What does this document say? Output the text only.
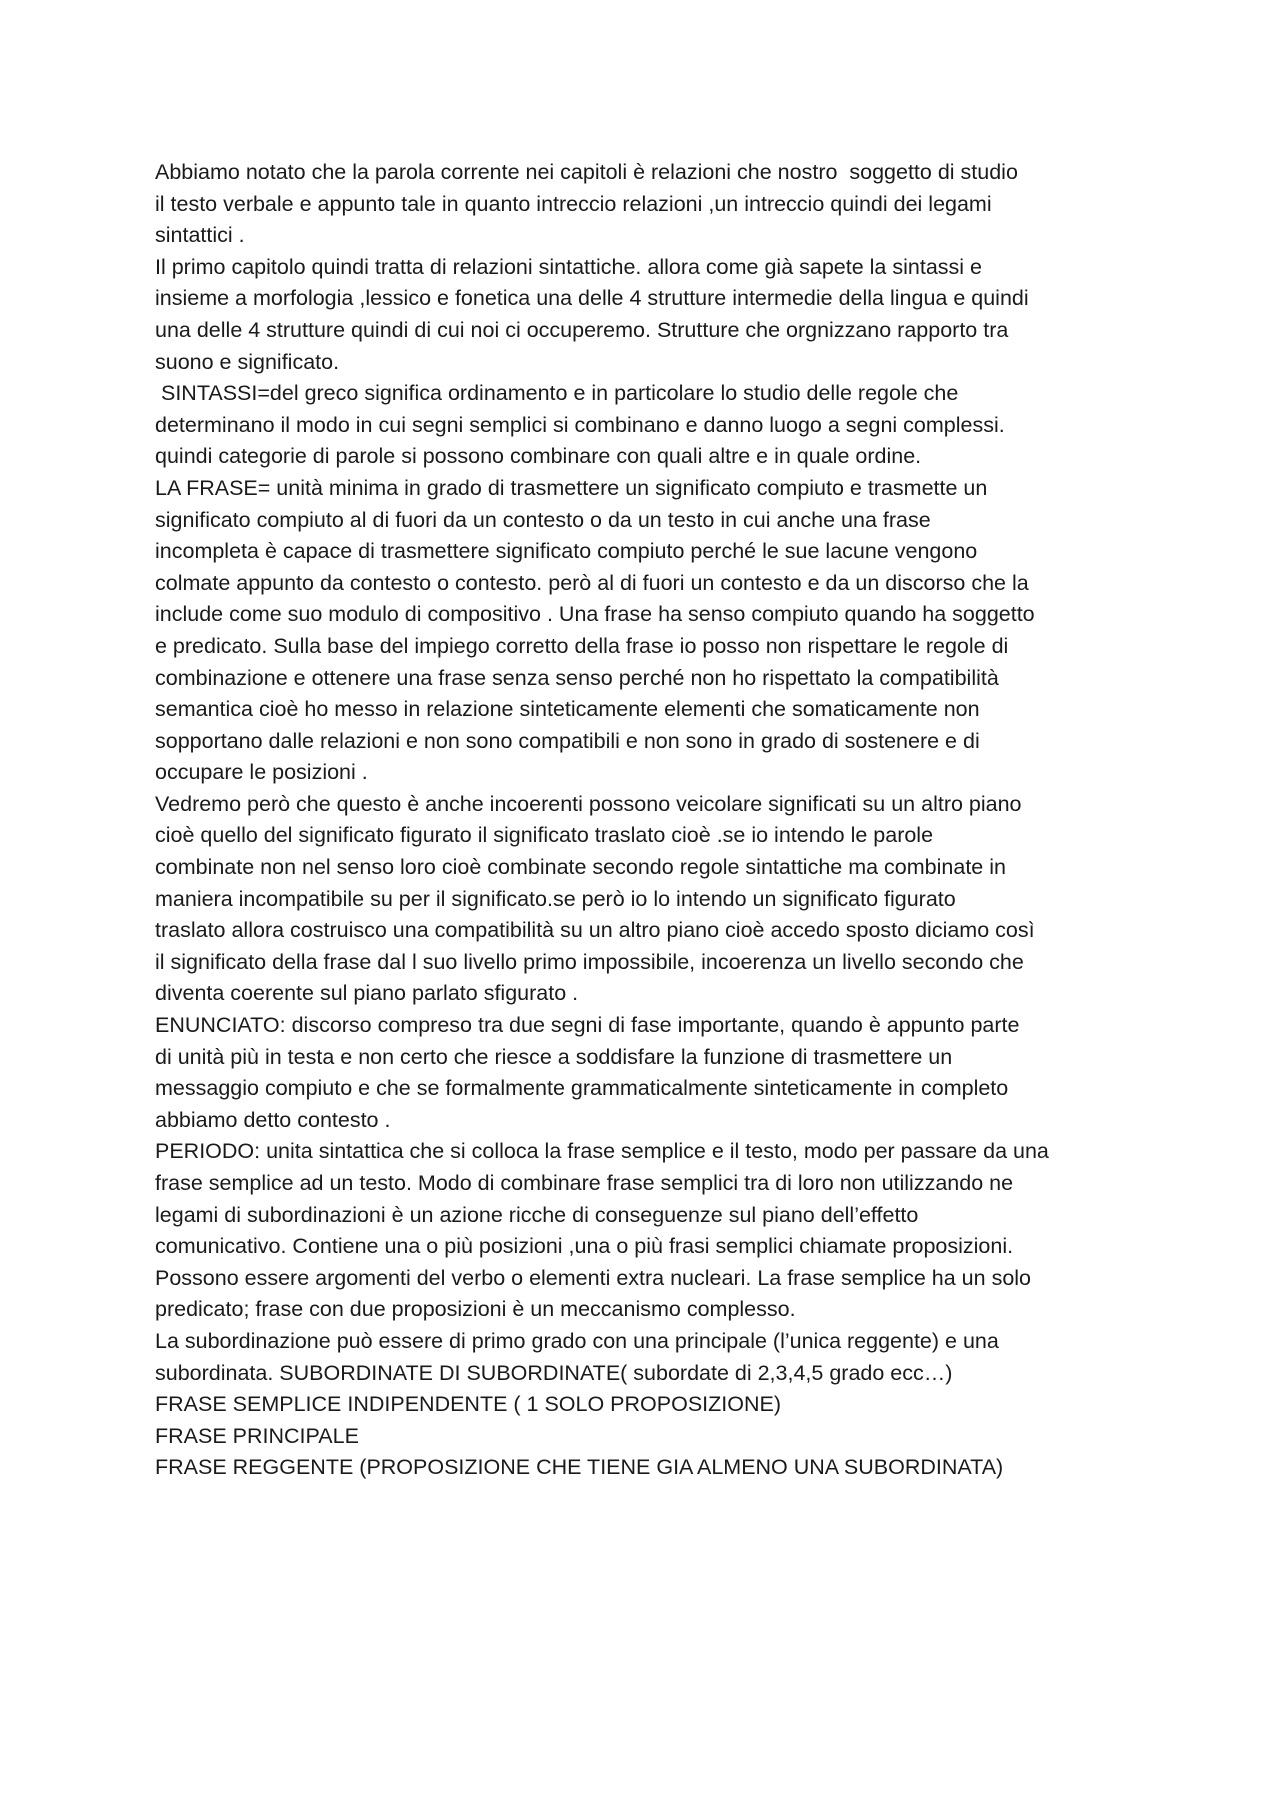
Abbiamo notato che la parola corrente nei capitoli è relazioni che nostro  soggetto di studio
il testo verbale e appunto tale in quanto intreccio relazioni ,un intreccio quindi dei legami
sintattici .
Il primo capitolo quindi tratta di relazioni sintattiche. allora come già sapete la sintassi e
insieme a morfologia ,lessico e fonetica una delle 4 strutture intermedie della lingua e quindi
una delle 4 strutture quindi di cui noi ci occuperemo. Strutture che orgnizzano rapporto tra
suono e significato.
SINTASSI=del greco significa ordinamento e in particolare lo studio delle regole che
determinano il modo in cui segni semplici si combinano e danno luogo a segni complessi.
quindi categorie di parole si possono combinare con quali altre e in quale ordine.
LA FRASE= unità minima in grado di trasmettere un significato compiuto e trasmette un
significato compiuto al di fuori da un contesto o da un testo in cui anche una frase
incompleta è capace di trasmettere significato compiuto perché le sue lacune vengono
colmate appunto da contesto o contesto. però al di fuori un contesto e da un discorso che la
include come suo modulo di compositivo . Una frase ha senso compiuto quando ha soggetto
e predicato. Sulla base del impiego corretto della frase io posso non rispettare le regole di
combinazione e ottenere una frase senza senso perché non ho rispettato la compatibilità
semantica cioè ho messo in relazione sinteticamente elementi che somaticamente non
sopportano dalle relazioni e non sono compatibili e non sono in grado di sostenere e di
occupare le posizioni .
Vedremo però che questo è anche incoerenti possono veicolare significati su un altro piano
cioè quello del significato figurato il significato traslato cioè .se io intendo le parole
combinate non nel senso loro cioè combinate secondo regole sintattiche ma combinate in
maniera incompatibile su per il significato.se però io lo intendo un significato figurato
traslato allora costruisco una compatibilità su un altro piano cioè accedo sposto diciamo così
il significato della frase dal l suo livello primo impossibile, incoerenza un livello secondo che
diventa coerente sul piano parlato sfigurato .
ENUNCIATO: discorso compreso tra due segni di fase importante, quando è appunto parte
di unità più in testa e non certo che riesce a soddisfare la funzione di trasmettere un
messaggio compiuto e che se formalmente grammaticalmente sinteticamente in completo
abbiamo detto contesto .
PERIODO: unita sintattica che si colloca la frase semplice e il testo, modo per passare da una
frase semplice ad un testo. Modo di combinare frase semplici tra di loro non utilizzando ne
legami di subordinazioni è un azione ricche di conseguenze sul piano dell’effetto
comunicativo. Contiene una o più posizioni ,una o più frasi semplici chiamate proposizioni.
Possono essere argomenti del verbo o elementi extra nucleari. La frase semplice ha un solo
predicato; frase con due proposizioni è un meccanismo complesso.
La subordinazione può essere di primo grado con una principale (l’unica reggente) e una
subordinata. SUBORDINATE DI SUBORDINATE( subordate di 2,3,4,5 grado ecc…)
FRASE SEMPLICE INDIPENDENTE ( 1 SOLO PROPOSIZIONE)
FRASE PRINCIPALE
FRASE REGGENTE (PROPOSIZIONE CHE TIENE GIA ALMENO UNA SUBORDINATA)
